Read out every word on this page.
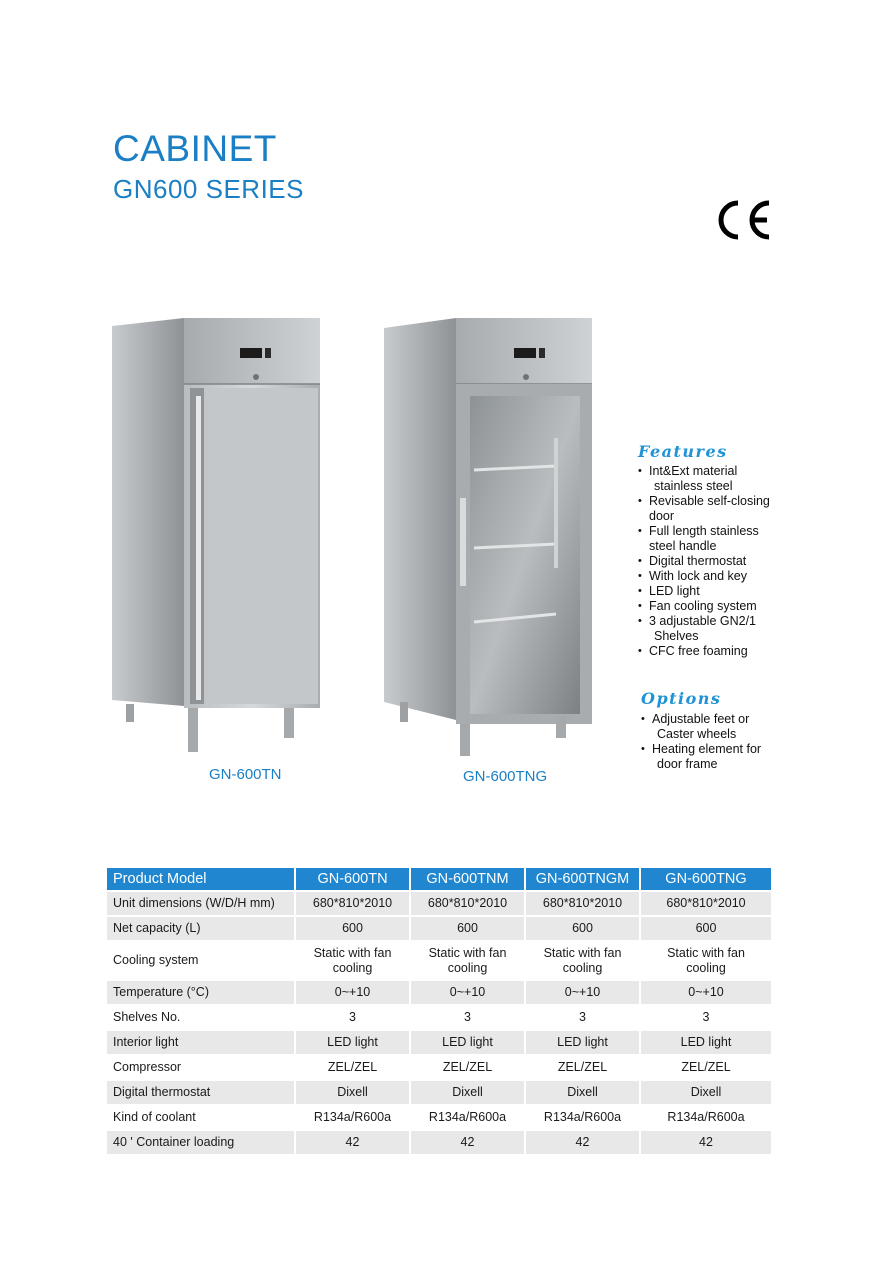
CABINET
GN600 SERIES
GN-600TN	GN-600TNG
Features
• Int&Ext material
stainless steel
• Revisable self-closing
door
• Full length stainless
steel handle
• Digital thermostat
• With lock and key
• LED light
• Fan cooling system
• 3 adjustable GN2/1
Shelves
• CFC free foaming
Options
• Adjustable feet or
Caster wheels
• Heating element for
door frame
Product Model	GN-600TN	GN-600TNM	GN-600TNGM	GN-600TNG
Unit dimensions (W/D/H mm)	680*810*2010	680*810*2010	680*810*2010	680*810*2010
Net capacity (L)	600	600	600	600
Cooling system	Static with fan cooling	Static with fan cooling	Static with fan cooling	Static with fan cooling
Temperature (°C)	0~+10	0~+10	0~+10	0~+10
Shelves No.	3	3	3	3
Interior light	LED light	LED light	LED light	LED light
Compressor	ZEL/ZEL	ZEL/ZEL	ZEL/ZEL	ZEL/ZEL
Digital thermostat	Dixell	Dixell	Dixell	Dixell
Kind of coolant	R134a/R600a	R134a/R600a	R134a/R600a	R134a/R600a
40 ' Container loading	42	42	42	42
